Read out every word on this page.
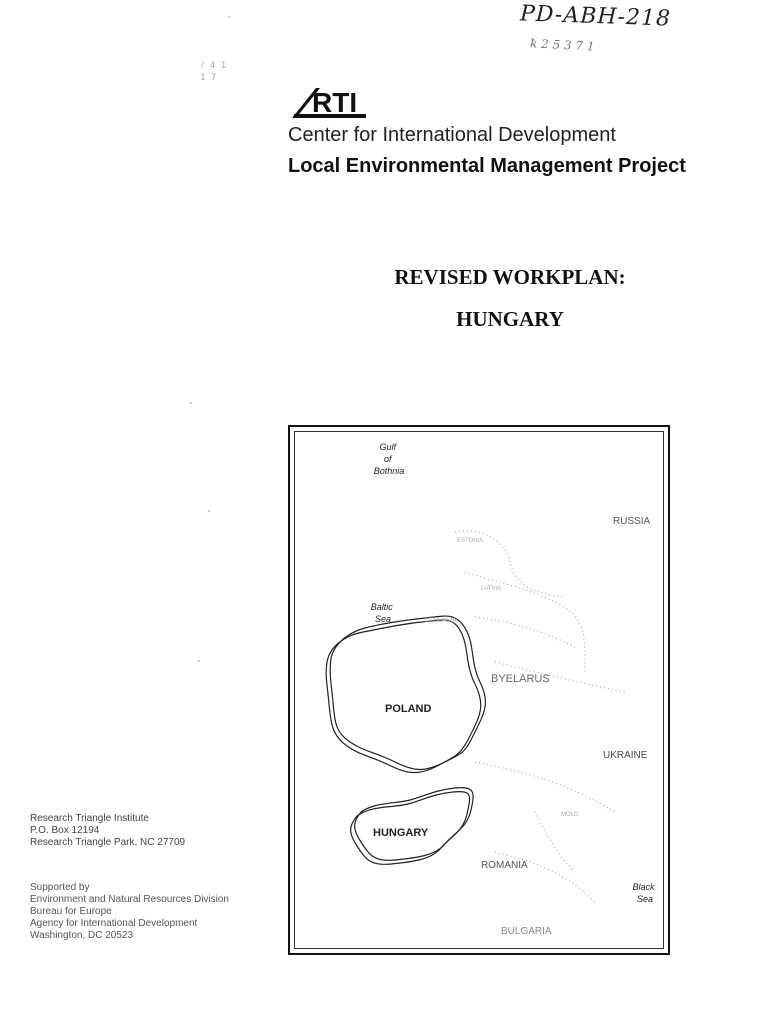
PD-ABH-218
ꝁ 2 5 3 7 1
ﾉ 4 1
1 7
RTI
Center for International Development
Local Environmental Management Project
REVISED WORKPLAN:
HUNGARY
Gulf of Bothnia
RUSSIA
ESTONIA
LATVIA
LITHUANIA
Baltic Sea
BYELARUS
POLAND
UKRAINE
MOLD.
HUNGARY
ROMANIA
Black Sea
BULGARIA
Research Triangle Institute
P.O. Box 12194
Research Triangle Park, NC 27709
Supported by
Environment and Natural Resources Division
Bureau for Europe
Agency for International Development
Washington, DC 20523
